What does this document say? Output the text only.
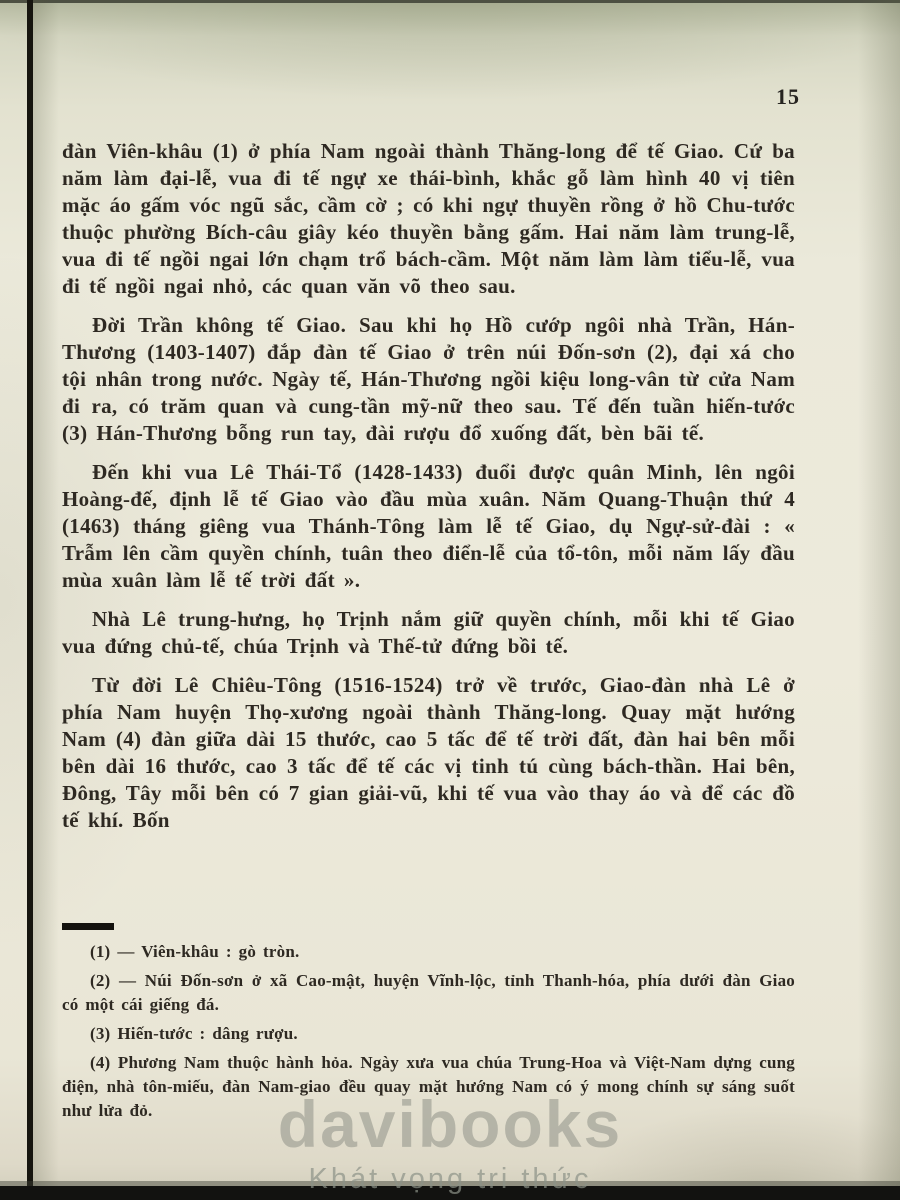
15

đàn Viên-khâu (1) ở phía Nam ngoài thành Thăng-long để tế Giao. Cứ ba năm làm đại-lễ, vua đi tế ngự xe thái-bình, khắc gỗ làm hình 40 vị tiên mặc áo gấm vóc ngũ sắc, cầm cờ ; có khi ngự thuyền rồng ở hồ Chu-tước thuộc phường Bích-câu giây kéo thuyền bằng gấm. Hai năm làm trung-lễ, vua đi tế ngồi ngai lớn chạm trổ bách-cầm. Một năm làm làm tiểu-lễ, vua đi tế ngồi ngai nhỏ, các quan văn võ theo sau.

Đời Trần không tế Giao. Sau khi họ Hồ cướp ngôi nhà Trần, Hán-Thương (1403-1407) đắp đàn tế Giao ở trên núi Đốn-sơn (2), đại xá cho tội nhân trong nước. Ngày tế, Hán-Thương ngồi kiệu long-vân từ cửa Nam đi ra, có trăm quan và cung-tần mỹ-nữ theo sau. Tế đến tuần hiến-tước (3) Hán-Thương bỗng run tay, đài rượu đổ xuống đất, bèn bãi tế.

Đến khi vua Lê Thái-Tổ (1428-1433) đuổi được quân Minh, lên ngôi Hoàng-đế, định lễ tế Giao vào đầu mùa xuân. Năm Quang-Thuận thứ 4 (1463) tháng giêng vua Thánh-Tông làm lễ tế Giao, dụ Ngự-sử-đài : « Trẫm lên cầm quyền chính, tuân theo điển-lễ của tổ-tôn, mỗi năm lấy đầu mùa xuân làm lễ tế trời đất ».

Nhà Lê trung-hưng, họ Trịnh nắm giữ quyền chính, mỗi khi tế Giao vua đứng chủ-tế, chúa Trịnh và Thế-tử đứng bồi tế.

Từ đời Lê Chiêu-Tông (1516-1524) trở về trước, Giao-đàn nhà Lê ở phía Nam huyện Thọ-xương ngoài thành Thăng-long. Quay mặt hướng Nam (4) đàn giữa dài 15 thước, cao 5 tấc để tế trời đất, đàn hai bên mỗi bên dài 16 thước, cao 3 tấc để tế các vị tinh tú cùng bách-thần. Hai bên, Đông, Tây mỗi bên có 7 gian giải-vũ, khi tế vua vào thay áo và để các đồ tế khí. Bốn

(1) — Viên-khâu : gò tròn.

(2) — Núi Đốn-sơn ở xã Cao-mật, huyện Vĩnh-lộc, tỉnh Thanh-hóa, phía dưới đàn Giao có một cái giếng đá.

(3) Hiến-tước : dâng rượu.

(4) Phương Nam thuộc hành hỏa. Ngày xưa vua chúa Trung-Hoa và Việt-Nam dựng cung điện, nhà tôn-miếu, đàn Nam-giao đều quay mặt hướng Nam có ý mong chính sự sáng suốt như lửa đỏ.	davibooks
Khát vọng tri thức
